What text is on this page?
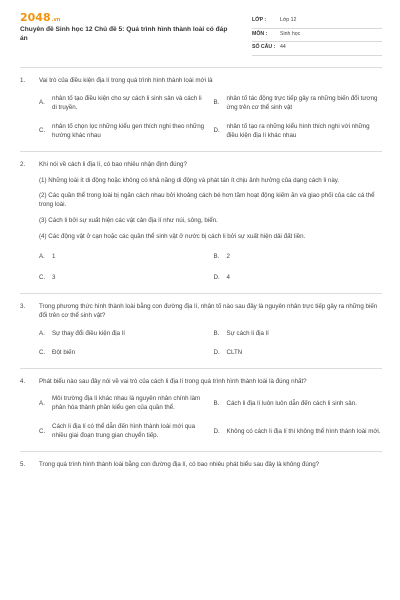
2048.vn
Chuyên đề Sinh học 12 Chủ đề 5: Quá trình hình thành loài có đáp án
LỚP :	Lớp 12
MÔN :	Sinh học
SỐ CÂU : 44
1.	Vai trò của điều kiện địa lí trong quá trình hình thành loài mới là
A.
nhân tố tạo điều kiện cho sự cách li sinh sản và cách li di truyền.
B.
nhân tố tác động trực tiếp gây ra những biến đổi tương ứng trên cơ thể sinh vật
C.
nhân tố chọn lọc những kiểu gen thích nghi theo những hướng khác nhau
D.
nhân tố tạo ra những kiểu hình thích nghi với những điều kiện địa lí khác nhau
2.	Khi nói về cách li địa lí, có bao nhiêu nhận định đúng?

(1) Những loài ít di động hoặc không có khả năng di động và phát tán ít chịu ảnh hưởng của dạng cách li này.

(2) Các quần thể trong loài bị ngăn cách nhau bởi khoảng cách bé hơn tầm hoạt động kiếm ăn và giao phối của các cá thể trong loài.

(3) Cách li bởi sự xuất hiện các vật cản địa lí như núi, sông, biển.

(4) Các động vật ở cạn hoặc các quần thể sinh vật ở nước bị cách li bởi sự xuất hiện dải đất liền.

A.	1	B.	2
C.	3	D.	4
3.	Trong phương thức hình thành loài bằng con đường địa lí, nhân tố nào sau đây là nguyên nhân trực tiếp gây ra những biến đổi trên cơ thể sinh vật?
A.	Sự thay đổi điều kiện địa lí	B.	Sự cách li địa lí
C.	Đột biến	D.	CLTN
4.	Phát biểu nào sau đây nói về vai trò của cách li địa lí trong quá trình hình thành loài là đúng nhất?
A.
Môi trường địa lí khác nhau là nguyên nhân chính làm phân hóa thành phần kiểu gen của quần thể.
B.	Cách li địa lí luôn luôn dẫn đến cách li sinh sản.
C.
Cách li địa lí có thể dẫn đến hình thành loài mới qua nhiều giai đoạn trung gian chuyển tiếp.
D.	Không có cách li địa lí thì không thể hình thành loài mới.
5.	Trong quá trình hình thành loài bằng con đường địa lí, có bao nhiêu phát biểu sau đây là không đúng?
